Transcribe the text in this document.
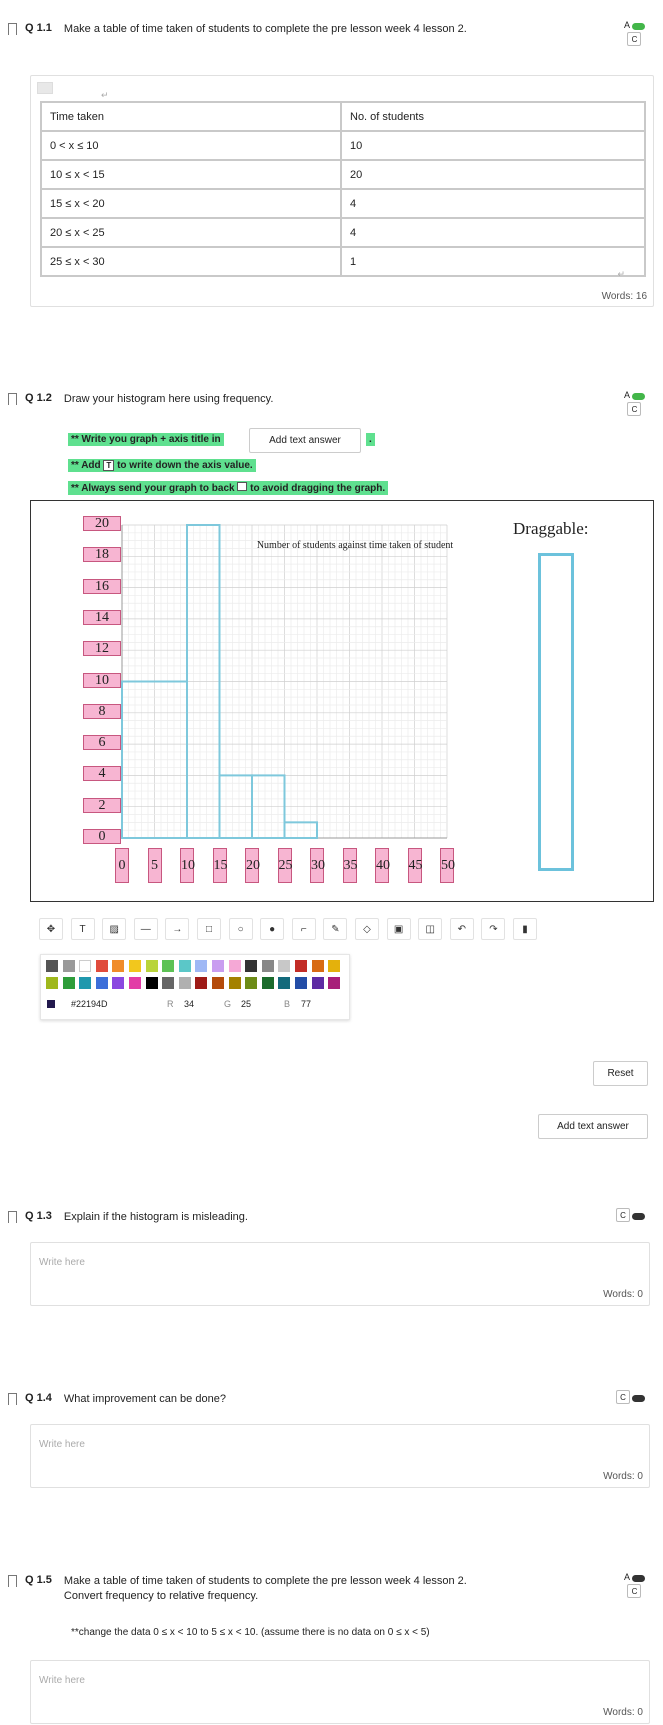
Q 1.1 Make a table of time taken of students to complete the pre lesson week 4 lesson 2.	A
C
↵
Time taken	No. of students
0 < x ≤ 10	10
10 ≤ x < 15	20
15 ≤ x < 20	4
20 ≤ x < 25	4
25 ≤ x < 30	1
↵
Words: 16
Q 1.2 Draw your histogram here using frequency.	A
C
** Write you graph + axis title in	Add text answer	.
** Add T to write down the axis value.
** Always send your graph to back to avoid dragging the graph.
Number of students against time taken of student
20
18
16
14
12
10
8
6
4
2
0
0 5 10 15 20 25 30 35 40 45 50
Draggable:
✥	T	▨	—	→	□	○	●	⌐	✎	◇	▣	◫	↶	↷	▮
#22194D	R 34	G 25	B 77
Reset
Add text answer
Q 1.3 Explain if the histogram is misleading.	C
Write here
Words: 0
Q 1.4 What improvement can be done?	C
Write here
Words: 0
Q 1.5 Make a table of time taken of students to complete the pre lesson week 4 lesson 2.
Convert frequency to relative frequency.
A
C
**change the data 0 ≤ x < 10 to 5 ≤ x < 10. (assume there is no data on 0 ≤ x < 5)
Write here
Words: 0
